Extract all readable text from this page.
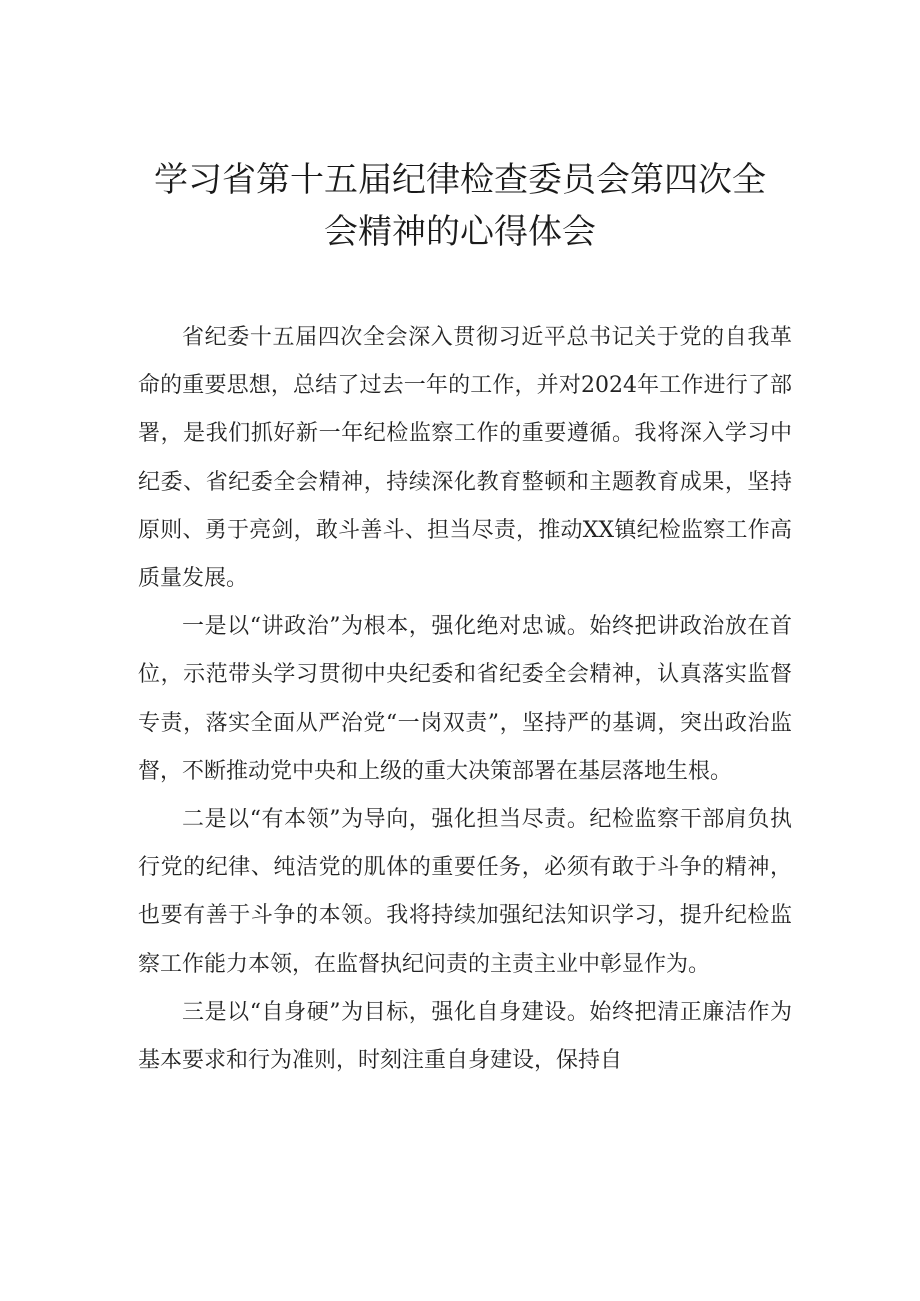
学习省第十五届纪律检查委员会第四次全
会精神的心得体会

省纪委十五届四次全会深入贯彻习近平总书记关于党的自我革命的重要思想，总结了过去一年的工作，并对2024年工作进行了部署，是我们抓好新一年纪检监察工作的重要遵循。我将深入学习中纪委、省纪委全会精神，持续深化教育整顿和主题教育成果，坚持原则、勇于亮剑，敢斗善斗、担当尽责，推动XX镇纪检监察工作高质量发展。

一是以“讲政治”为根本，强化绝对忠诚。始终把讲政治放在首位，示范带头学习贯彻中央纪委和省纪委全会精神，认真落实监督专责，落实全面从严治党“一岗双责”，坚持严的基调，突出政治监督，不断推动党中央和上级的重大决策部署在基层落地生根。

二是以“有本领”为导向，强化担当尽责。纪检监察干部肩负执行党的纪律、纯洁党的肌体的重要任务，必须有敢于斗争的精神，也要有善于斗争的本领。我将持续加强纪法知识学习，提升纪检监察工作能力本领，在监督执纪问责的主责主业中彰显作为。

三是以“自身硬”为目标，强化自身建设。始终把清正廉洁作为基本要求和行为准则，时刻注重自身建设，保持自
